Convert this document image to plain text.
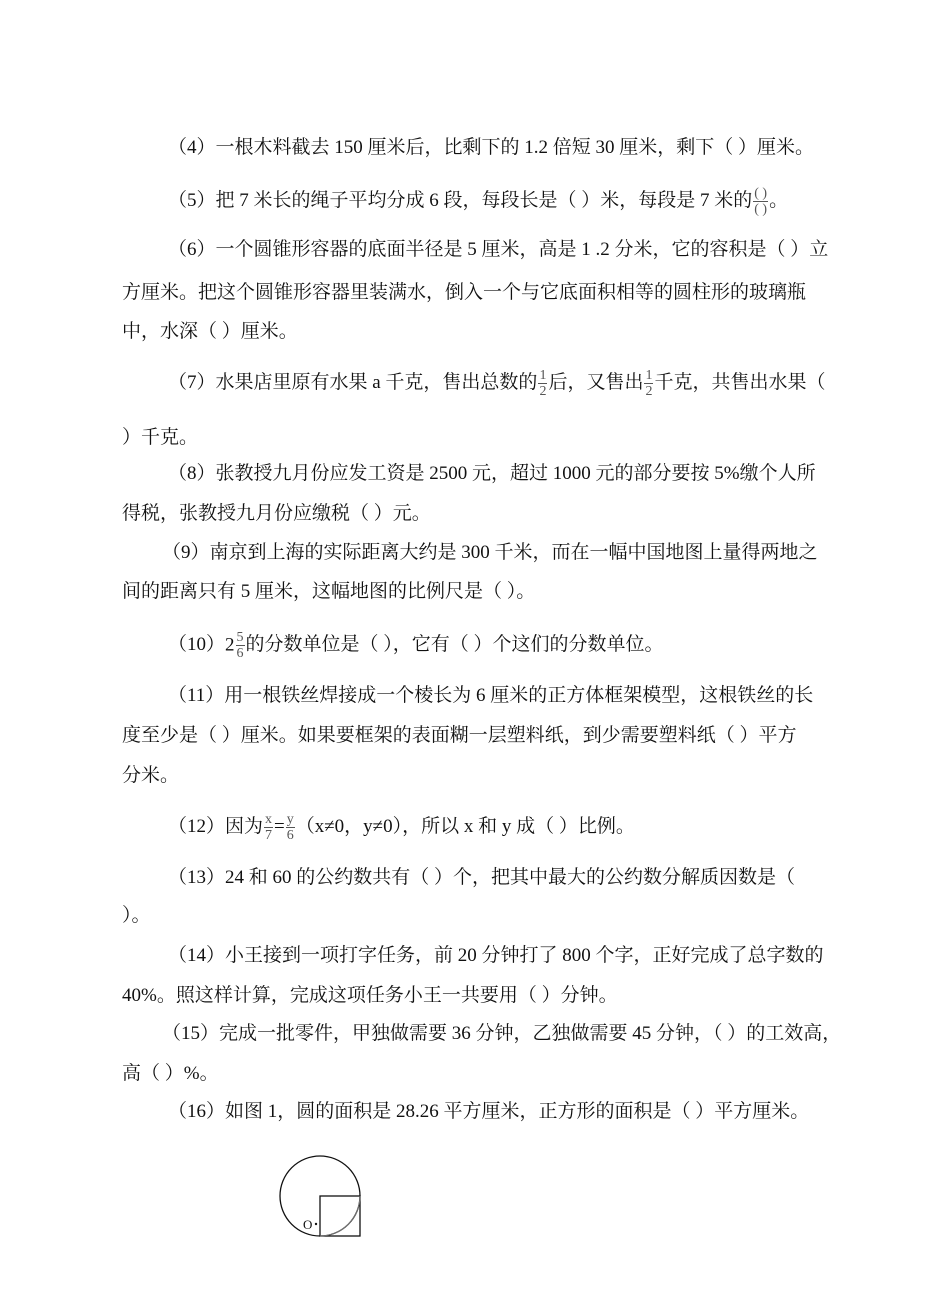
（4）一根木料截去 150 厘米后，比剩下的 1.2 倍短 30 厘米，剩下（ ）厘米。
（5）把 7 米长的绳子平均分成 6 段，每段长是（ ）米，每段是 7 米的 $\frac{( )}{( )}$ 。
（6）一个圆锥形容器的底面半径是 5 厘米，高是 1 .2 分米，它的容积是（ ）立
方厘米。把这个圆锥形容器里装满水，倒入一个与它底面积相等的圆柱形的玻璃瓶
中，水深（ ）厘米。
（7）水果店里原有水果 a 千克，售出总数的 $\frac{1}{2}$ 后，又售出 $\frac{1}{2}$ 千克，共售出水果（
）千克。
（8）张教授九月份应发工资是 2500 元，超过 1000 元的部分要按 5%缴个人所
得税，张教授九月份应缴税（ ）元。
（9）南京到上海的实际距离大约是 300 千米，而在一幅中国地图上量得两地之
间的距离只有 5 厘米，这幅地图的比例尺是（ ）。
$(10)2 \frac{5}{6}$ 的分数单位是（ ），它有（ ）个这们的分数单位。
（11）用一根铁丝焊接成一个棱长为 6 厘米的正方体框架模型，这根铁丝的长
度至少是（ ）厘米。如果要框架的表面糊一层塑料纸，到少需要塑料纸（ ）平方
分米。
（12）因为 $\frac{x}{7} = \frac{y}{6} (x\ne 0$，y≠0），所以 x 和 y 成（ ）比例。
（13）24 和 60 的公约数共有（ ）个，把其中最大的公约数分解质因数是（
）。
（14）小王接到一项打字任务，前 20 分钟打了 800 个字，正好完成了总字数的
40%。照这样计算，完成这项任务小王一共要用（ ）分钟。
（15）完成一批零件，甲独做需要 36 分钟，乙独做需要 45 分钟，（ ）的工效高，
高（ ）%。
（16）如图 1，圆的面积是 28.26 平方厘米，正方形的面积是（ ）平方厘米。
O
